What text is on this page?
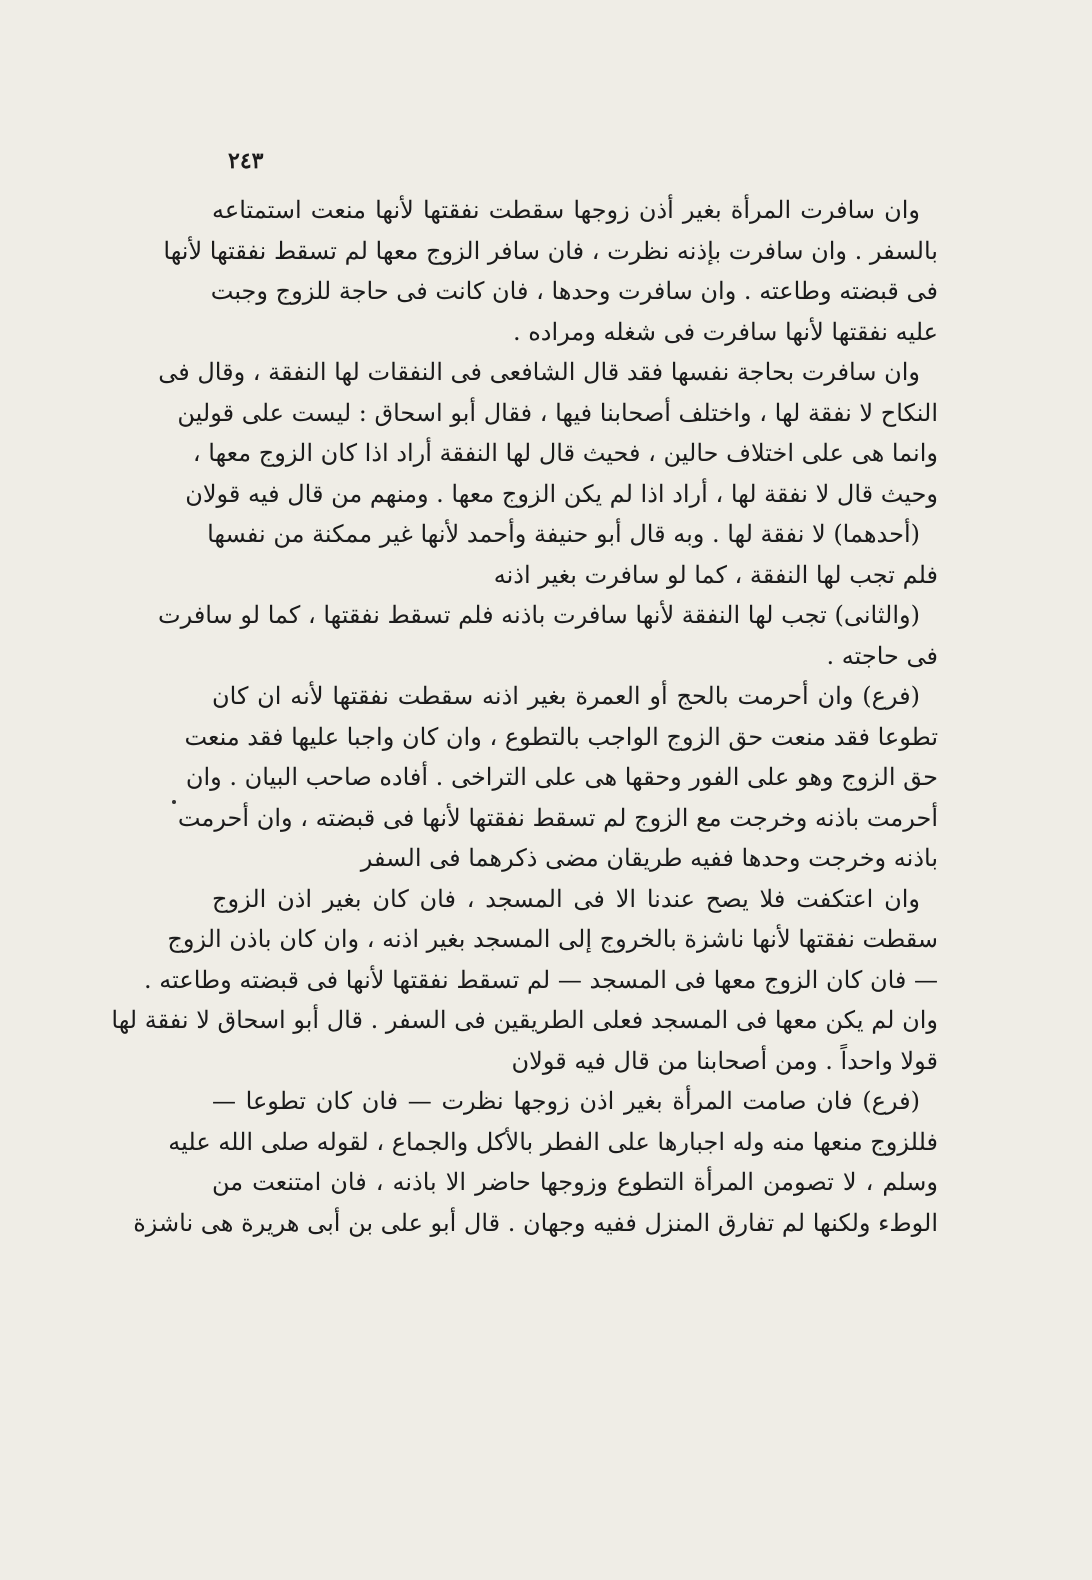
٢٤٣
وان سافرت المرأة بغير أذن زوجها سقطت نفقتها لأنها منعت استمتاعه
بالسفر . وان سافرت بإذنه نظرت ، فان سافر الزوج معها لم تسقط نفقتها لأنها
فى قبضته وطاعته . وان سافرت وحدها ، فان كانت فى حاجة للزوج وجبت
عليه نفقتها لأنها سافرت فى شغله ومراده .
وان سافرت بحاجة نفسها فقد قال الشافعى فى النفقات لها النفقة ، وقال فى
النكاح لا نفقة لها ، واختلف أصحابنا فيها ، فقال أبو اسحاق : ليست على قولين
وانما هى على اختلاف حالين ، فحيث قال لها النفقة أراد اذا كان الزوج معها ،
وحيث قال لا نفقة لها ، أراد اذا لم يكن الزوج معها . ومنهم من قال فيه قولان
(أحدهما) لا نفقة لها . وبه قال أبو حنيفة وأحمد لأنها غير ممكنة من نفسها
فلم تجب لها النفقة ، كما لو سافرت بغير اذنه
(والثانى) تجب لها النفقة لأنها سافرت باذنه فلم تسقط نفقتها ، كما لو سافرت
فى حاجته .
(فرع) وان أحرمت بالحج أو العمرة بغير اذنه سقطت نفقتها لأنه ان كان
تطوعا فقد منعت حق الزوج الواجب بالتطوع ، وان كان واجبا عليها فقد منعت
حق الزوج وهو على الفور وحقها هى على التراخى . أفاده صاحب البيان . وان
أحرمت باذنه وخرجت مع الزوج لم تسقط نفقتها لأنها فى قبضته ، وان أحرمت
باذنه وخرجت وحدها ففيه طريقان مضى ذكرهما فى السفر
وان اعتكفت فلا يصح عندنا الا فى المسجد ، فان كان بغير اذن الزوج
سقطت نفقتها لأنها ناشزة بالخروج إلى المسجد بغير اذنه ، وان كان باذن الزوج
— فان كان الزوج معها فى المسجد — لم تسقط نفقتها لأنها فى قبضته وطاعته .
وان لم يكن معها فى المسجد فعلى الطريقين فى السفر . قال أبو اسحاق لا نفقة لها
قولا واحداً . ومن أصحابنا من قال فيه قولان
(فرع) فان صامت المرأة بغير اذن زوجها نظرت — فان كان تطوعا —
فللزوج منعها منه وله اجبارها على الفطر بالأكل والجماع ، لقوله صلى الله عليه
وسلم ، لا تصومن المرأة التطوع وزوجها حاضر الا باذنه ، فان امتنعت من
الوطء ولكنها لم تفارق المنزل ففيه وجهان . قال أبو على بن أبى هريرة هى ناشزة
